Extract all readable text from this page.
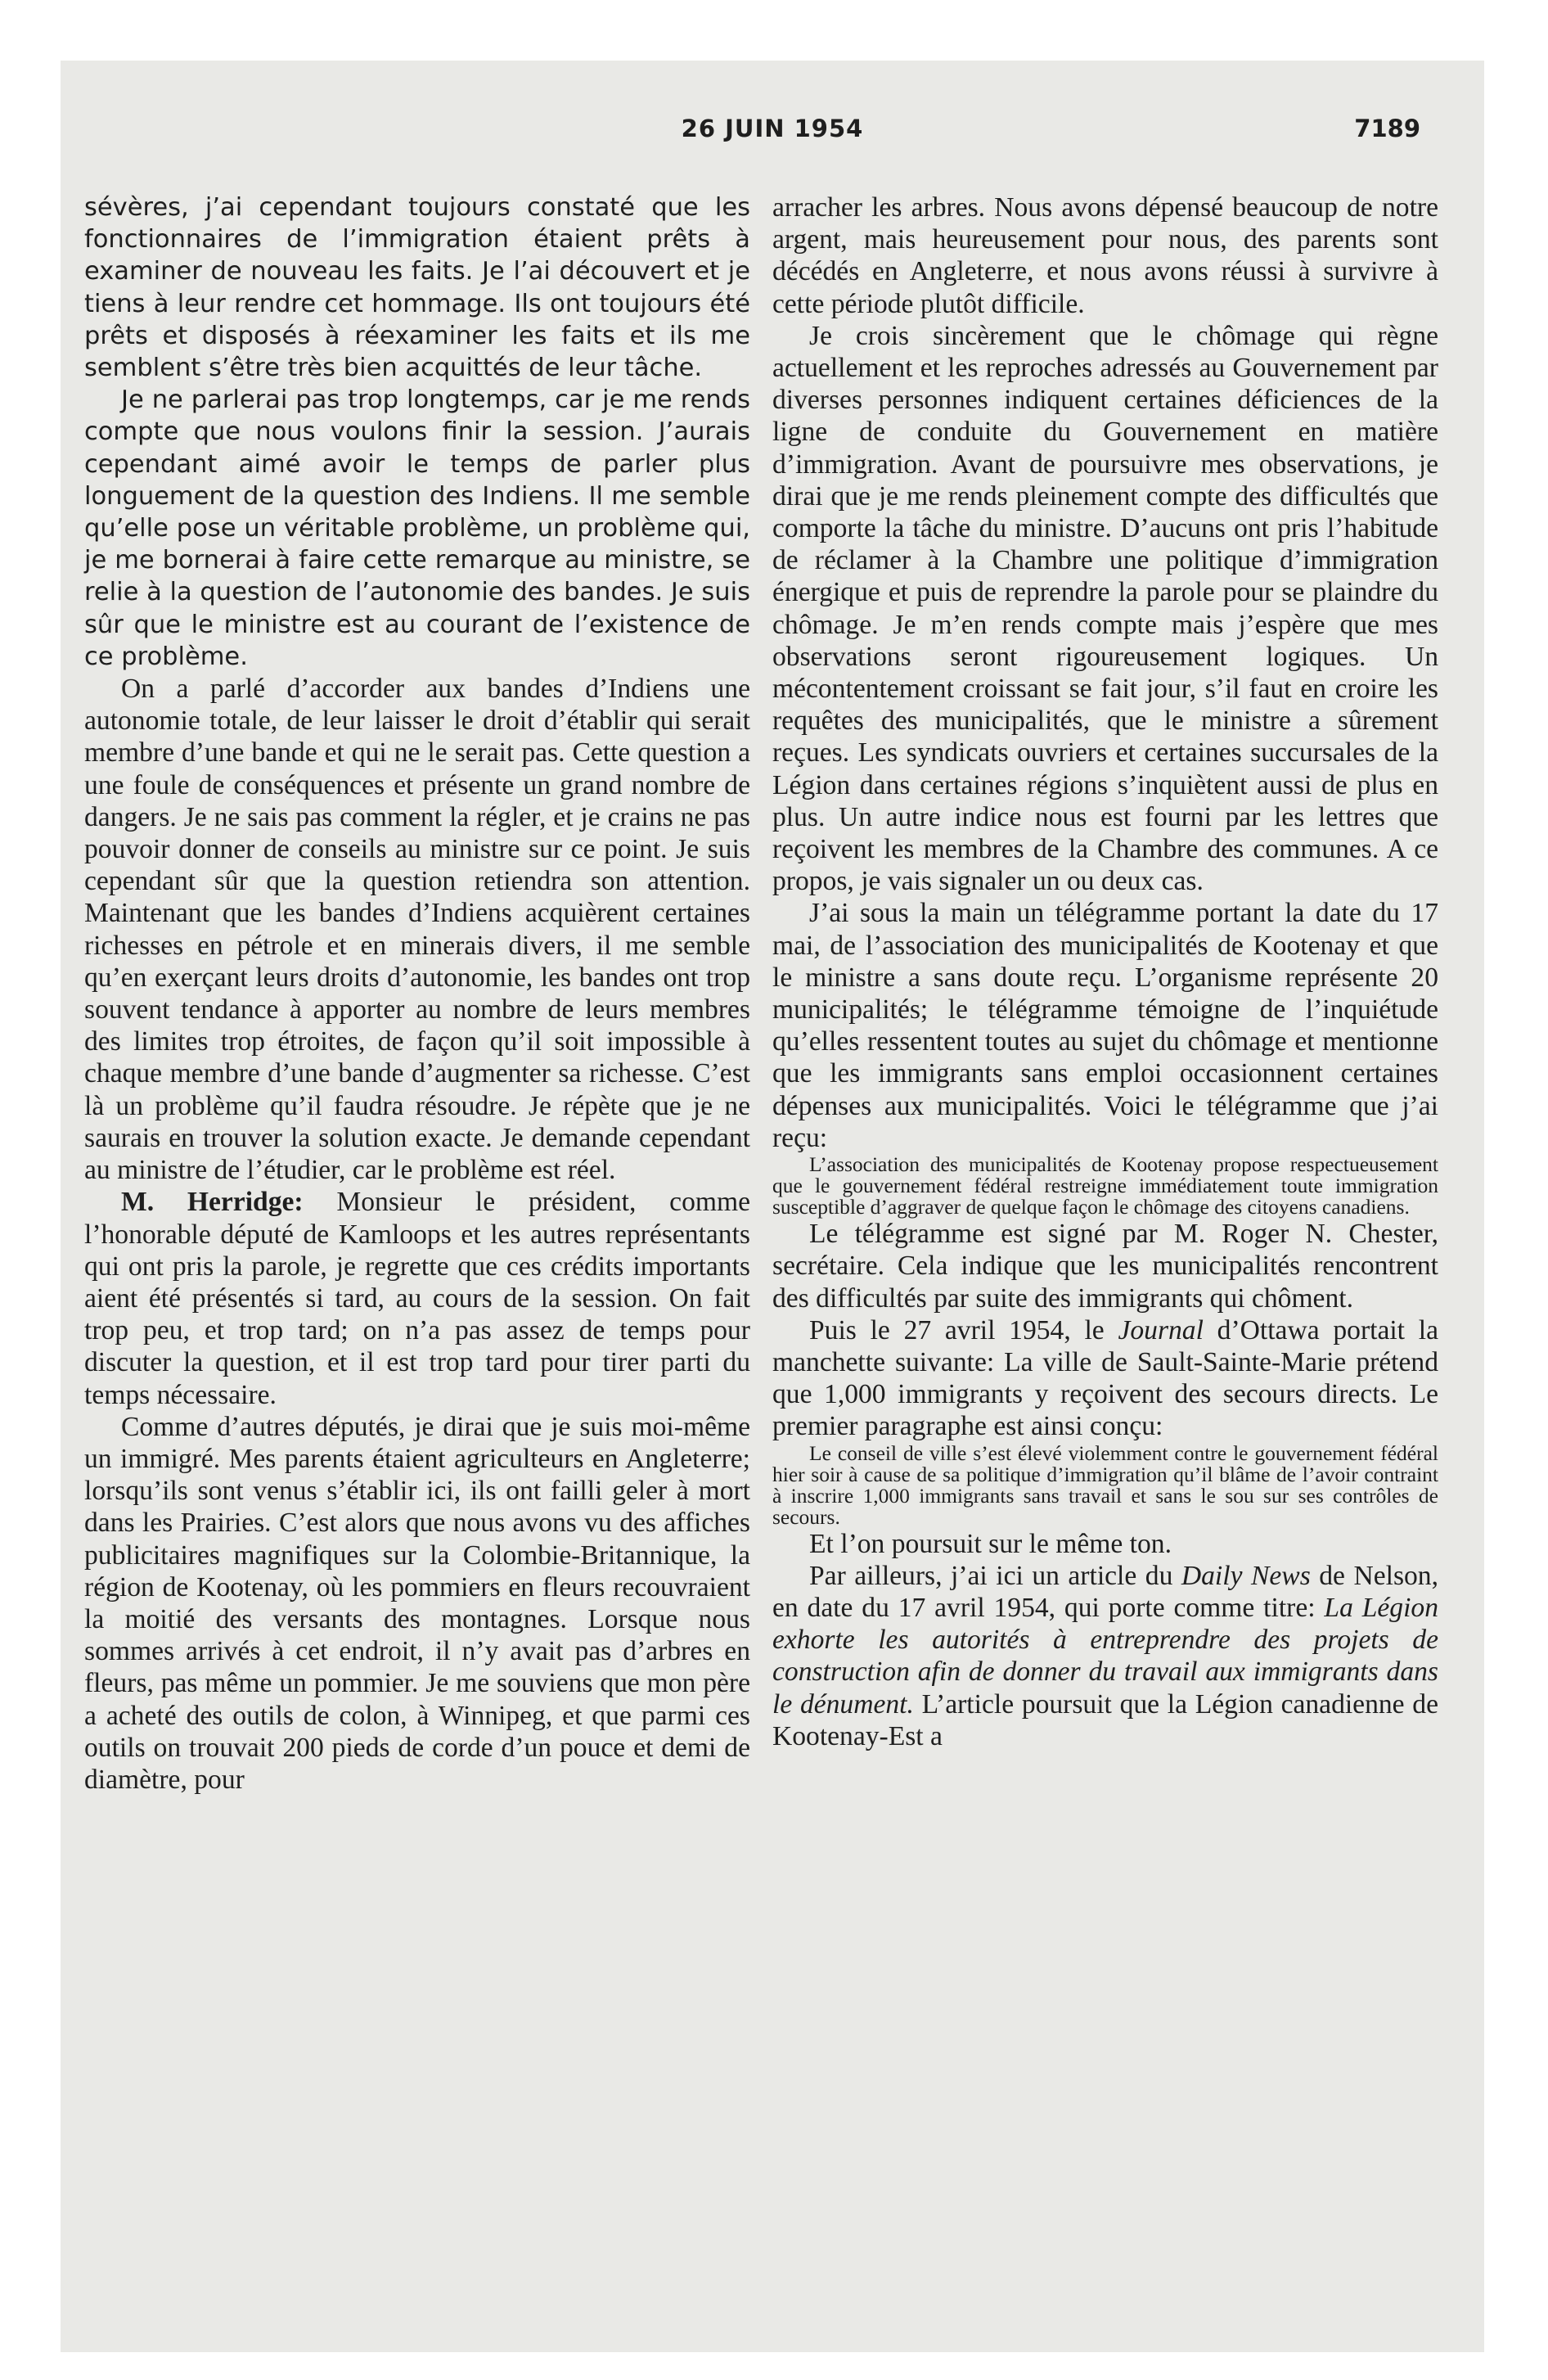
26 JUIN 1954	7189

sévères, j’ai cependant toujours constaté que les fonctionnaires de l’immigration étaient prêts à examiner de nouveau les faits. Je l’ai découvert et je tiens à leur rendre cet hommage. Ils ont toujours été prêts et disposés à réexaminer les faits et ils me semblent s’être très bien acquittés de leur tâche.

Je ne parlerai pas trop longtemps, car je me rends compte que nous voulons finir la session. J’aurais cependant aimé avoir le temps de parler plus longuement de la question des Indiens. Il me semble qu’elle pose un véritable problème, un problème qui, je me bornerai à faire cette remarque au ministre, se relie à la question de l’autonomie des bandes. Je suis sûr que le ministre est au courant de l’existence de ce problème.

On a parlé d’accorder aux bandes d’Indiens une autonomie totale, de leur laisser le droit d’établir qui serait membre d’une bande et qui ne le serait pas. Cette question a une foule de conséquences et présente un grand nombre de dangers. Je ne sais pas comment la régler, et je crains ne pas pouvoir donner de conseils au ministre sur ce point. Je suis cependant sûr que la question retiendra son attention. Maintenant que les bandes d’Indiens acquièrent certaines richesses en pétrole et en minerais divers, il me semble qu’en exerçant leurs droits d’autonomie, les bandes ont trop souvent tendance à apporter au nombre de leurs membres des limites trop étroites, de façon qu’il soit impossible à chaque membre d’une bande d’augmenter sa richesse. C’est là un problème qu’il faudra résoudre. Je répète que je ne saurais en trouver la solution exacte. Je demande cependant au ministre de l’étudier, car le problème est réel.

M. Herridge: Monsieur le président, comme l’honorable député de Kamloops et les autres représentants qui ont pris la parole, je regrette que ces crédits importants aient été présentés si tard, au cours de la session. On fait trop peu, et trop tard; on n’a pas assez de temps pour discuter la question, et il est trop tard pour tirer parti du temps nécessaire.

Comme d’autres députés, je dirai que je suis moi-même un immigré. Mes parents étaient agriculteurs en Angleterre; lorsqu’ils sont venus s’établir ici, ils ont failli geler à mort dans les Prairies. C’est alors que nous avons vu des affiches publicitaires magnifiques sur la Colombie-Britannique, la région de Kootenay, où les pommiers en fleurs recouvraient la moitié des versants des montagnes. Lorsque nous sommes arrivés à cet endroit, il n’y avait pas d’arbres en fleurs, pas même un pommier. Je me souviens que mon père a acheté des outils de colon, à Winnipeg, et que parmi ces outils on trouvait 200 pieds de corde d’un pouce et demi de diamètre, pour

arracher les arbres. Nous avons dépensé beaucoup de notre argent, mais heureusement pour nous, des parents sont décédés en Angleterre, et nous avons réussi à survivre à cette période plutôt difficile.

Je crois sincèrement que le chômage qui règne actuellement et les reproches adressés au Gouvernement par diverses personnes indiquent certaines déficiences de la ligne de conduite du Gouvernement en matière d’immigration. Avant de poursuivre mes observations, je dirai que je me rends pleinement compte des difficultés que comporte la tâche du ministre. D’aucuns ont pris l’habitude de réclamer à la Chambre une politique d’immigration énergique et puis de reprendre la parole pour se plaindre du chômage. Je m’en rends compte mais j’espère que mes observations seront rigoureusement logiques. Un mécontentement croissant se fait jour, s’il faut en croire les requêtes des municipalités, que le ministre a sûrement reçues. Les syndicats ouvriers et certaines succursales de la Légion dans certaines régions s’inquiètent aussi de plus en plus. Un autre indice nous est fourni par les lettres que reçoivent les membres de la Chambre des communes. A ce propos, je vais signaler un ou deux cas.

J’ai sous la main un télégramme portant la date du 17 mai, de l’association des municipalités de Kootenay et que le ministre a sans doute reçu. L’organisme représente 20 municipalités; le télégramme témoigne de l’inquiétude qu’elles ressentent toutes au sujet du chômage et mentionne que les immigrants sans emploi occasionnent certaines dépenses aux municipalités. Voici le télégramme que j’ai reçu:

L’association des municipalités de Kootenay propose respectueusement que le gouvernement fédéral restreigne immédiatement toute immigration susceptible d’aggraver de quelque façon le chômage des citoyens canadiens.

Le télégramme est signé par M. Roger N. Chester, secrétaire. Cela indique que les municipalités rencontrent des difficultés par suite des immigrants qui chôment.

Puis le 27 avril 1954, le Journal d’Ottawa portait la manchette suivante: La ville de Sault-Sainte-Marie prétend que 1,000 immigrants y reçoivent des secours directs. Le premier paragraphe est ainsi conçu:

Le conseil de ville s’est élevé violemment contre le gouvernement fédéral hier soir à cause de sa politique d’immigration qu’il blâme de l’avoir contraint à inscrire 1,000 immigrants sans travail et sans le sou sur ses contrôles de secours.

Et l’on poursuit sur le même ton.

Par ailleurs, j’ai ici un article du Daily News de Nelson, en date du 17 avril 1954, qui porte comme titre: La Légion exhorte les autorités à entreprendre des projets de construction afin de donner du travail aux immigrants dans le dénument. L’article poursuit que la Légion canadienne de Kootenay-Est a
